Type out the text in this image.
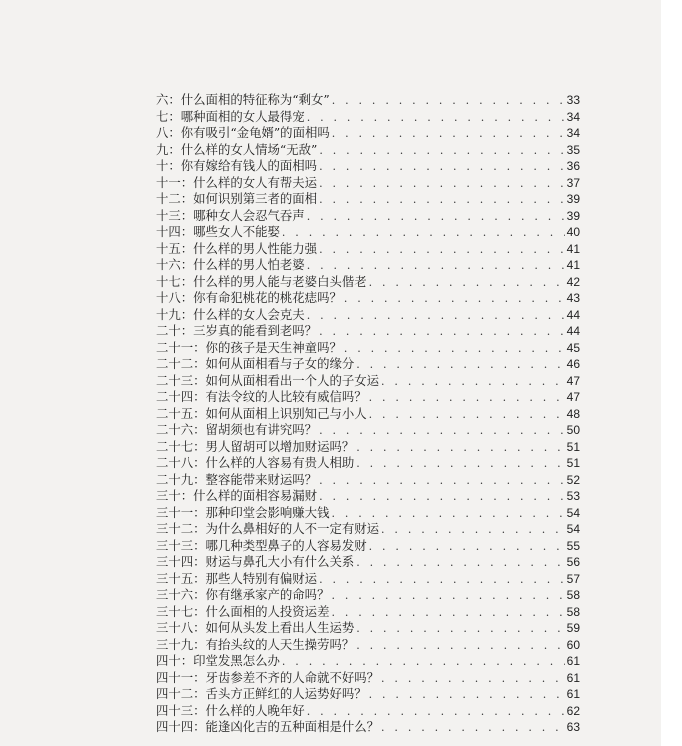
六：什么面相的特征称为“剩女” . . .	33
七：哪种面相的女人最得宠 . . .	34
八：你有吸引“金龟婿”的面相吗 . . .	34
九：什么样的女人情场“无敌” . . .	35
十：你有嫁给有钱人的面相吗 . . .	36
十一：什么样的女人有帮夫运 . . .	37
十二：如何识别第三者的面相 . . .	39
十三：哪种女人会忍气吞声 . . .	39
十四：哪些女人不能娶 . . .	40
十五：什么样的男人性能力强 . . .	41
十六：什么样的男人怕老婆 . . .	41
十七：什么样的男人能与老婆白头偕老 . . .	42
十八：你有命犯桃花的桃花痣吗？ . . .	43
十九：什么样的女人会克夫 . . .	44
二十：三岁真的能看到老吗？ . . .	44
二十一：你的孩子是天生神童吗？ . . .	45
二十二：如何从面相看与子女的缘分 . . .	46
二十三：如何从面相看出一个人的子女运 . . .	47
二十四：有法令纹的人比较有威信吗？ . . .	47
二十五：如何从面相上识别知己与小人 . . .	48
二十六：留胡须也有讲究吗？ . . .	50
二十七：男人留胡可以增加财运吗？ . . .	51
二十八：什么样的人容易有贵人相助 . . .	51
二十九：整容能带来财运吗？ . . .	52
三十：什么样的面相容易漏财 . . .	53
三十一：那种印堂会影响赚大钱 . . .	54
三十二：为什么鼻相好的人不一定有财运 . . .	54
三十三：哪几种类型鼻子的人容易发财 . . .	55
三十四：财运与鼻孔大小有什么关系 . . .	56
三十五：那些人特别有偏财运 . . .	57
三十六：你有继承家产的命吗？ . . .	58
三十七：什么面相的人投资运差 . . .	58
三十八：如何从头发上看出人生运势 . . .	59
三十九：有抬头纹的人天生操劳吗？ . . .	60
四十：印堂发黑怎么办 . . .	61
四十一：牙齿参差不齐的人命就不好吗？ . . .	61
四十二：舌头方正鲜红的人运势好吗？ . . .	61
四十三：什么样的人晚年好 . . .	62
四十四：能逢凶化吉的五种面相是什么？ . . .	63
